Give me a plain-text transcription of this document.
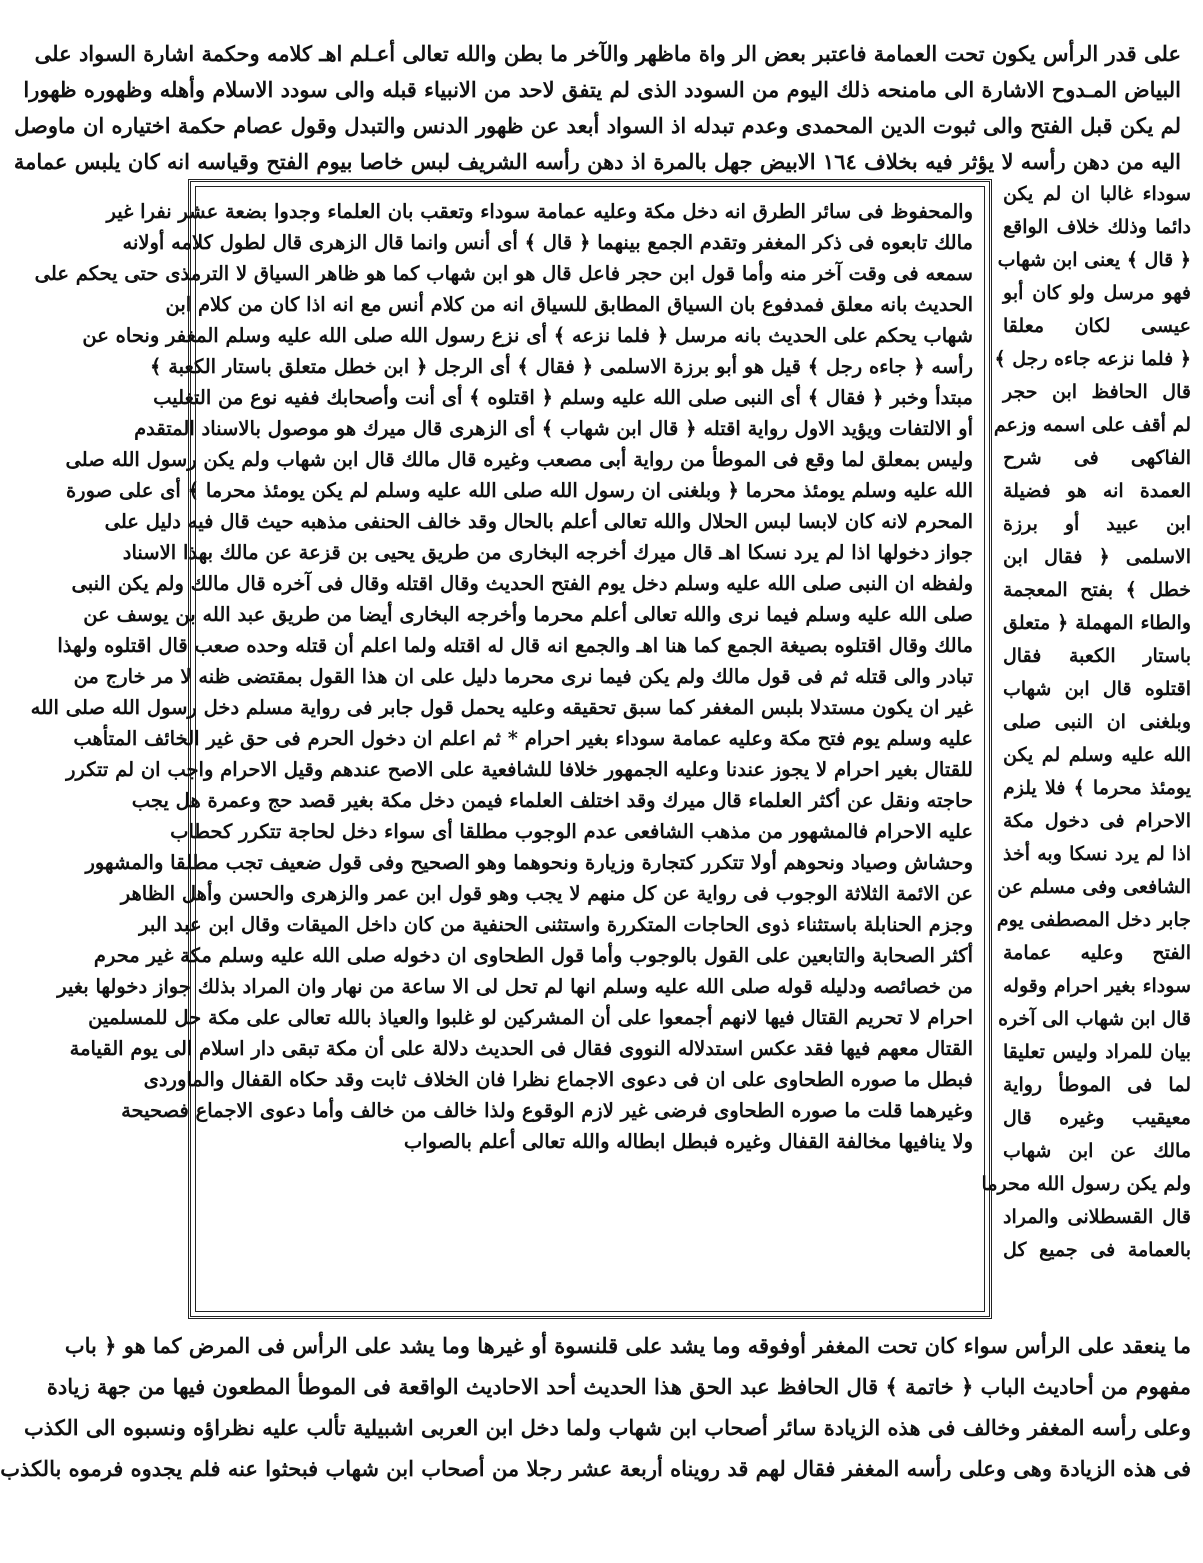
على قدر الرأس يكون تحت العمامة فاعتبر بعض الر واة ماظهر والآخر ما بطن والله تعالى أعـلم اهـ كلامه وحكمة اشارة السواد على
البياض المـدوح الاشارة الى مامنحه ذلك اليوم من السودد الذى لم يتفق لاحد من الانبياء قبله والى سودد الاسلام وأهله وظهوره ظهورا
لم يكن قبل الفتح والى ثبوت الدين المحمدى وعدم تبدله اذ السواد أبعد عن ظهور الدنس والتبدل وقول عصام حكمة اختياره ان ماوصل
اليه من دهن رأسه لا يؤثر فيه بخلاف ١٦٤ الابيض جهل بالمرة اذ دهن رأسه الشريف لبس خاصا بيوم الفتح وقياسه انه كان يلبس عمامة
والمحفوظ فى سائر الطرق انه دخل مكة وعليه عمامة سوداء وتعقب بان العلماء وجدوا بضعة عشر نفرا غير
مالك تابعوه فى ذكر المغفر وتقدم الجمع بينهما ﴿ قال ﴾ أى أنس وانما قال الزهرى قال لطول كلامه أولانه
سمعه فى وقت آخر منه وأما قول ابن حجر فاعل قال هو ابن شهاب كما هو ظاهر السياق لا الترمذى حتى يحكم على
الحديث بانه معلق فمدفوع بان السياق المطابق للسياق انه من كلام أنس مع انه اذا كان من كلام ابن
شهاب يحكم على الحديث بانه مرسل ﴿ فلما نزعه ﴾ أى نزع رسول الله صلى الله عليه وسلم المغفر ونحاه عن
رأسه ﴿ جاءه رجل ﴾ قيل هو أبو برزة الاسلمى ﴿ فقال ﴾ أى الرجل ﴿ ابن خطل متعلق باستار الكعبة ﴾
مبتدأ وخبر ﴿ فقال ﴾ أى النبى صلى الله عليه وسلم ﴿ اقتلوه ﴾ أى أنت وأصحابك ففيه نوع من التغليب
أو الالتفات ويؤيد الاول رواية اقتله ﴿ قال ابن شهاب ﴾ أى الزهرى قال ميرك هو موصول بالاسناد المتقدم
وليس بمعلق لما وقع فى الموطأ من رواية أبى مصعب وغيره قال مالك قال ابن شهاب ولم يكن رسول الله صلى
الله عليه وسلم يومئذ محرما ﴿ وبلغنى ان رسول الله صلى الله عليه وسلم لم يكن يومئذ محرما ﴾ أى على صورة
المحرم لانه كان لابسا لبس الحلال والله تعالى أعلم بالحال وقد خالف الحنفى مذهبه حيث قال فيه دليل على
جواز دخولها اذا لم يرد نسكا اهـ قال ميرك أخرجه البخارى من طريق يحيى بن قزعة عن مالك بهذا الاسناد
ولفظه ان النبى صلى الله عليه وسلم دخل يوم الفتح الحديث وقال اقتله وقال فى آخره قال مالك ولم يكن النبى
صلى الله عليه وسلم فيما نرى والله تعالى أعلم محرما وأخرجه البخارى أيضا من طريق عبد الله بن يوسف عن
مالك وقال اقتلوه بصيغة الجمع كما هنا اهـ والجمع انه قال له اقتله ولما اعلم أن قتله وحده صعب قال اقتلوه ولهذا
تبادر والى قتله ثم فى قول مالك ولم يكن فيما نرى محرما دليل على ان هذا القول بمقتضى ظنه لا مر خارج من
غير ان يكون مستدلا بلبس المغفر كما سبق تحقيقه وعليه يحمل قول جابر فى رواية مسلم دخل رسول الله صلى الله
عليه وسلم يوم فتح مكة وعليه عمامة سوداء بغير احرام * ثم اعلم ان دخول الحرم فى حق غير الخائف المتأهب
للقتال بغير احرام لا يجوز عندنا وعليه الجمهور خلافا للشافعية على الاصح عندهم وقيل الاحرام واجب ان لم تتكرر
حاجته ونقل عن أكثر العلماء قال ميرك وقد اختلف العلماء فيمن دخل مكة بغير قصد حج وعمرة هل يجب
عليه الاحرام فالمشهور من مذهب الشافعى عدم الوجوب مطلقا أى سواء دخل لحاجة تتكرر كحطاب
وحشاش وصياد ونحوهم أولا تتكرر كتجارة وزيارة ونحوهما وهو الصحيح وفى قول ضعيف تجب مطلقا والمشهور
عن الائمة الثلاثة الوجوب فى رواية عن كل منهم لا يجب وهو قول ابن عمر والزهرى والحسن وأهل الظاهر
وجزم الحنابلة باستثناء ذوى الحاجات المتكررة واستثنى الحنفية من كان داخل الميقات وقال ابن عبد البر
أكثر الصحابة والتابعين على القول بالوجوب وأما قول الطحاوى ان دخوله صلى الله عليه وسلم مكة غير محرم
من خصائصه ودليله قوله صلى الله عليه وسلم انها لم تحل لى الا ساعة من نهار وان المراد بذلك جواز دخولها بغير
احرام لا تحريم القتال فيها لانهم أجمعوا على أن المشركين لو غلبوا والعياذ بالله تعالى على مكة حل للمسلمين
القتال معهم فيها فقد عكس استدلاله النووى فقال فى الحديث دلالة على أن مكة تبقى دار اسلام الى يوم القيامة
فبطل ما صوره الطحاوى على ان فى دعوى الاجماع نظرا فان الخلاف ثابت وقد حكاه القفال والماوردى
وغيرهما قلت ما صوره الطحاوى فرضى غير لازم الوقوع ولذا خالف من خالف وأما دعوى الاجماع فصحيحة
ولا ينافيها مخالفة القفال وغيره فبطل ابطاله والله تعالى أعلم بالصواب
سوداء غالبا ان لم يكن
دائما وذلك خلاف الواقع
﴿ قال ﴾ يعنى ابن شهاب
فهو مرسل ولو كان أبو
عيسى لكان معلقا
﴿ فلما نزعه جاءه رجل ﴾
قال الحافظ ابن حجر
لم أقف على اسمه وزعم
الفاكهى فى شرح
العمدة انه هو فضيلة
ابن عبيد أو برزة
الاسلمى ﴿ فقال ابن
خطل ﴾ بفتح المعجمة
والطاء المهملة ﴿ متعلق
باستار الكعبة فقال
اقتلوه قال ابن شهاب
وبلغنى ان النبى صلى
الله عليه وسلم لم يكن
يومئذ محرما ﴾ فلا يلزم
الاحرام فى دخول مكة
اذا لم يرد نسكا وبه أخذ
الشافعى وفى مسلم عن
جابر دخل المصطفى يوم
الفتح وعليه عمامة
سوداء بغير احرام وقوله
قال ابن شهاب الى آخره
بيان للمراد وليس تعليقا
لما فى الموطأ رواية
معيقيب وغيره قال
مالك عن ابن شهاب
ولم يكن رسول الله محرما
قال القسطلانى والمراد
بالعمامة فى جميع كل
ما ينعقد على الرأس سواء كان تحت المغفر أوفوقه وما يشد على قلنسوة أو غيرها وما يشد على الرأس فى المرض كما هو ﴿ باب
مفهوم من أحاديث الباب ﴿ خاتمة ﴾ قال الحافظ عبد الحق هذا الحديث أحد الاحاديث الواقعة فى الموطأ المطعون فيها من جهة زيادة
وعلى رأسه المغفر وخالف فى هذه الزيادة سائر أصحاب ابن شهاب ولما دخل ابن العربى اشبيلية تألب عليه نظراؤه ونسبوه الى الكذب
فى هذه الزيادة وهى وعلى رأسه المغفر فقال لهم قد رويناه أربعة عشر رجلا من أصحاب ابن شهاب فبحثوا عنه فلم يجدوه فرموه بالكذب
